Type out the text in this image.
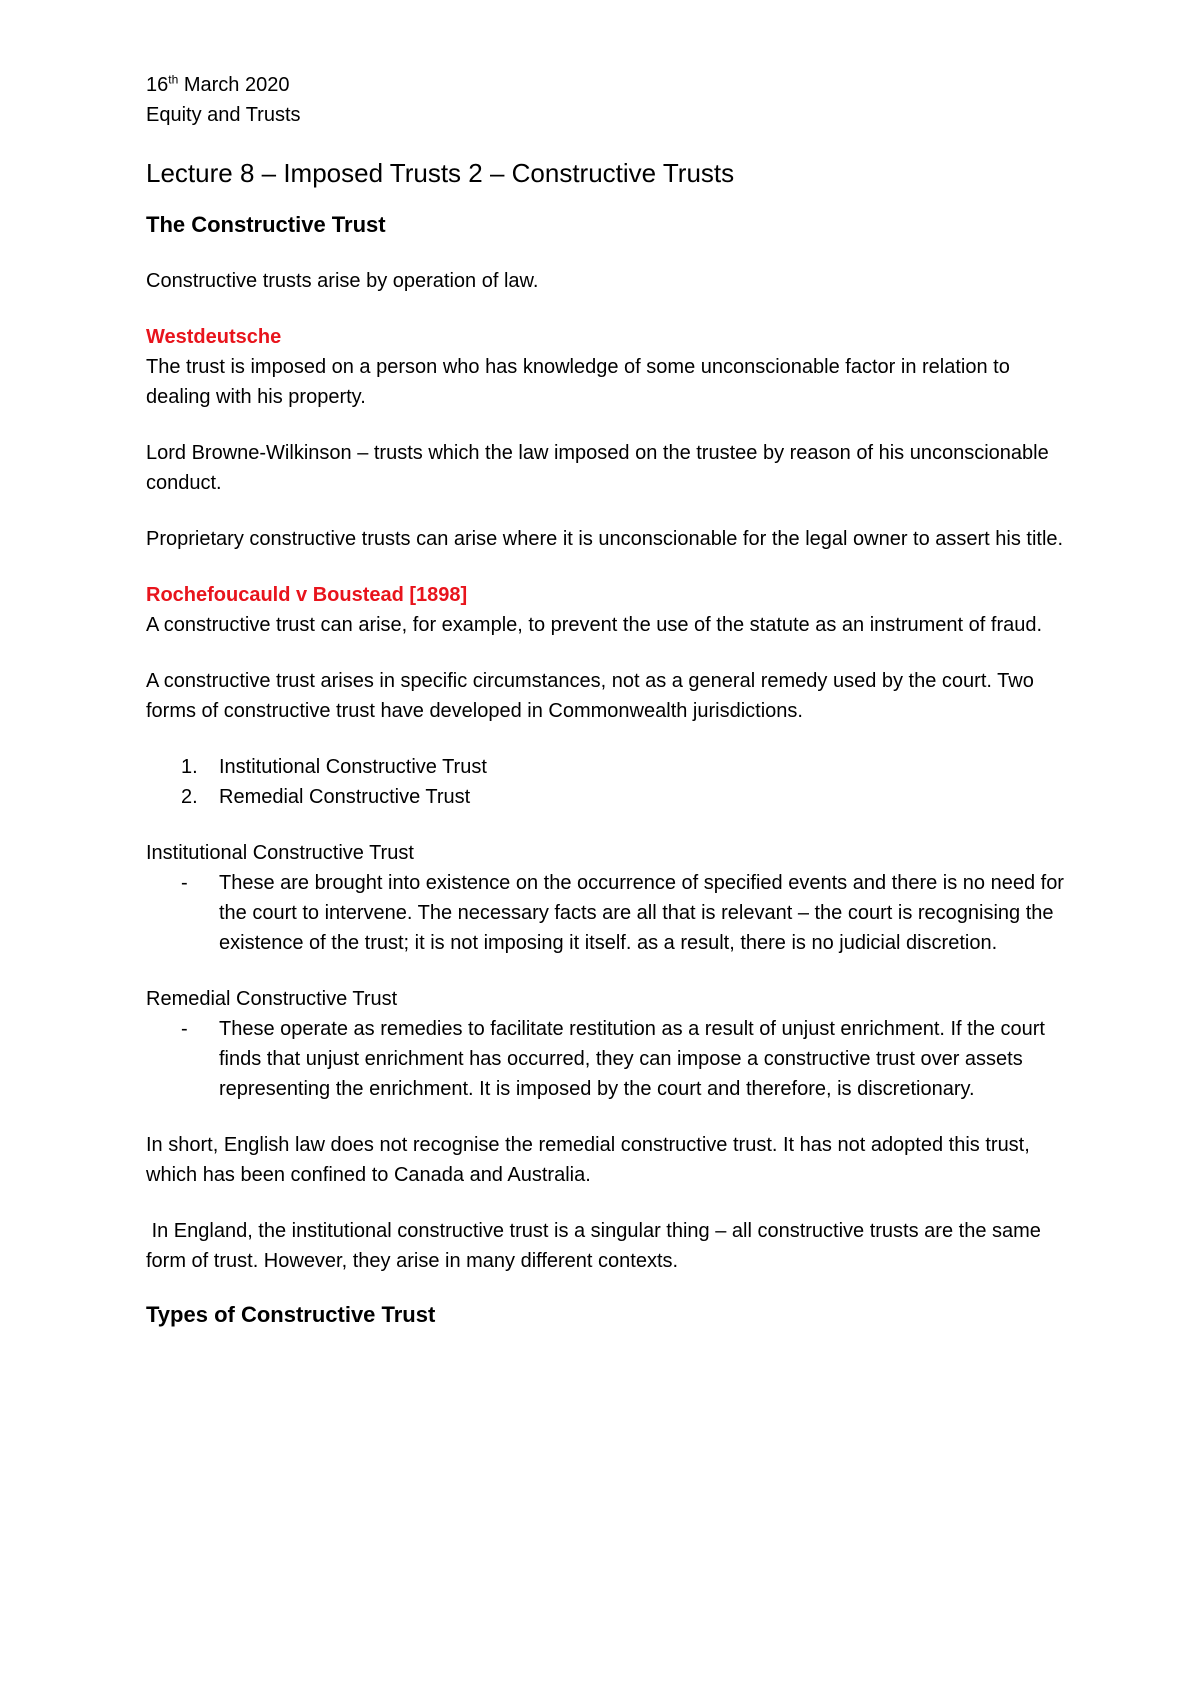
16th March 2020

Equity and Trusts

Lecture 8 – Imposed Trusts 2 – Constructive Trusts
The Constructive Trust

Constructive trusts arise by operation of law.

Westdeutsche

The trust is imposed on a person who has knowledge of some unconscionable factor in relation to dealing with his property.

Lord Browne-Wilkinson – trusts which the law imposed on the trustee by reason of his unconscionable conduct.

Proprietary constructive trusts can arise where it is unconscionable for the legal owner to assert his title.

Rochefoucauld v Boustead [1898]

A constructive trust can arise, for example, to prevent the use of the statute as an instrument of fraud.

A constructive trust arises in specific circumstances, not as a general remedy used by the court. Two forms of constructive trust have developed in Commonwealth jurisdictions.

1. Institutional Constructive Trust
2. Remedial Constructive Trust

Institutional Constructive Trust

- These are brought into existence on the occurrence of specified events and there is no need for the court to intervene. The necessary facts are all that is relevant – the court is recognising the existence of the trust; it is not imposing it itself. as a result, there is no judicial discretion.

Remedial Constructive Trust

- These operate as remedies to facilitate restitution as a result of unjust enrichment. If the court finds that unjust enrichment has occurred, they can impose a constructive trust over assets representing the enrichment. It is imposed by the court and therefore, is discretionary.

In short, English law does not recognise the remedial constructive trust. It has not adopted this trust, which has been confined to Canada and Australia.

In England, the institutional constructive trust is a singular thing – all constructive trusts are the same form of trust. However, they arise in many different contexts.

Types of Constructive Trust
